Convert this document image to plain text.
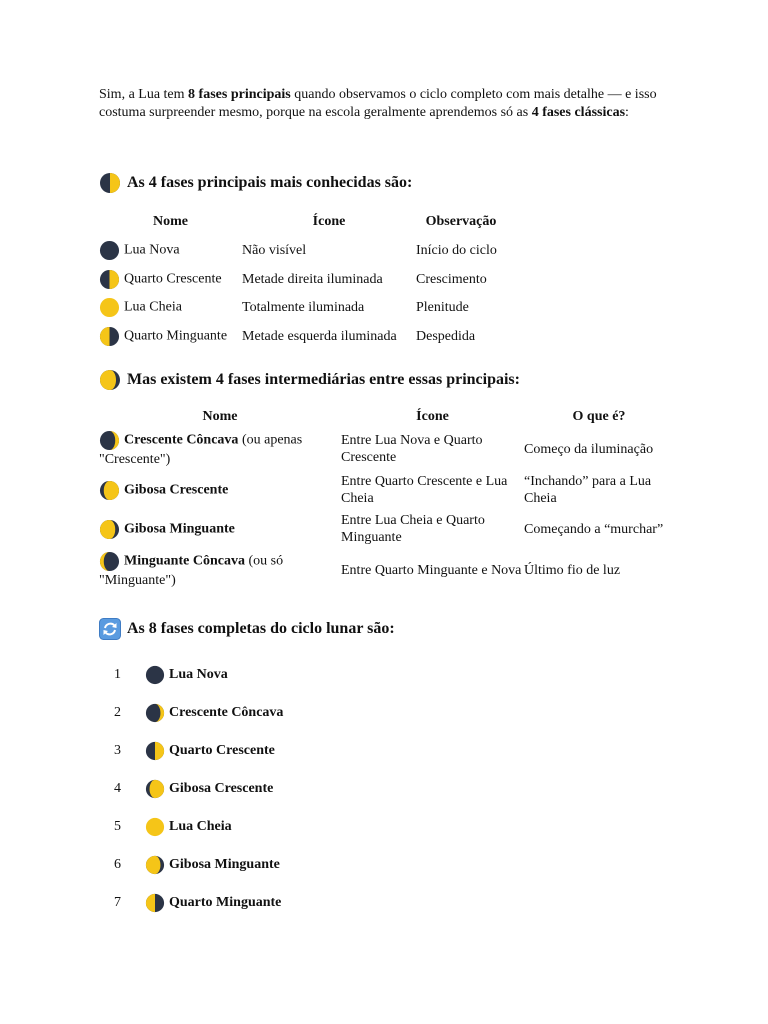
Sim, a Lua tem 8 fases principais quando observamos o ciclo completo com mais detalhe — e isso costuma surpreender mesmo, porque na escola geralmente aprendemos só as 4 fases clássicas:

As 4 fases principais mais conhecidas são:
Nome	Ícone	Observação

Lua Nova	Não visível	Início do ciclo

Quarto Crescente	Metade direita iluminada	Crescimento

Lua Cheia	Totalmente iluminada	Plenitude

Quarto Minguante	Metade esquerda iluminada	Despedida
Mas existem 4 fases intermediárias entre essas principais:
Nome	Ícone	O que é?

Crescente Côncava (ou apenas "Crescente")	Entre Lua Nova e Quarto Crescente	Começo da iluminação

Gibosa Crescente	Entre Quarto Crescente e Lua Cheia	“Inchando” para a Lua Cheia

Gibosa Minguante	Entre Lua Cheia e Quarto Minguante	Começando a “murchar”

Minguante Côncava (ou só "Minguante")	Entre Quarto Minguante e Nova	Último fio de luz
As 8 fases completas do ciclo lunar são:
1	Lua Nova
2	Crescente Côncava
3	Quarto Crescente
4	Gibosa Crescente
5	Lua Cheia
6	Gibosa Minguante
7	Quarto Minguante
